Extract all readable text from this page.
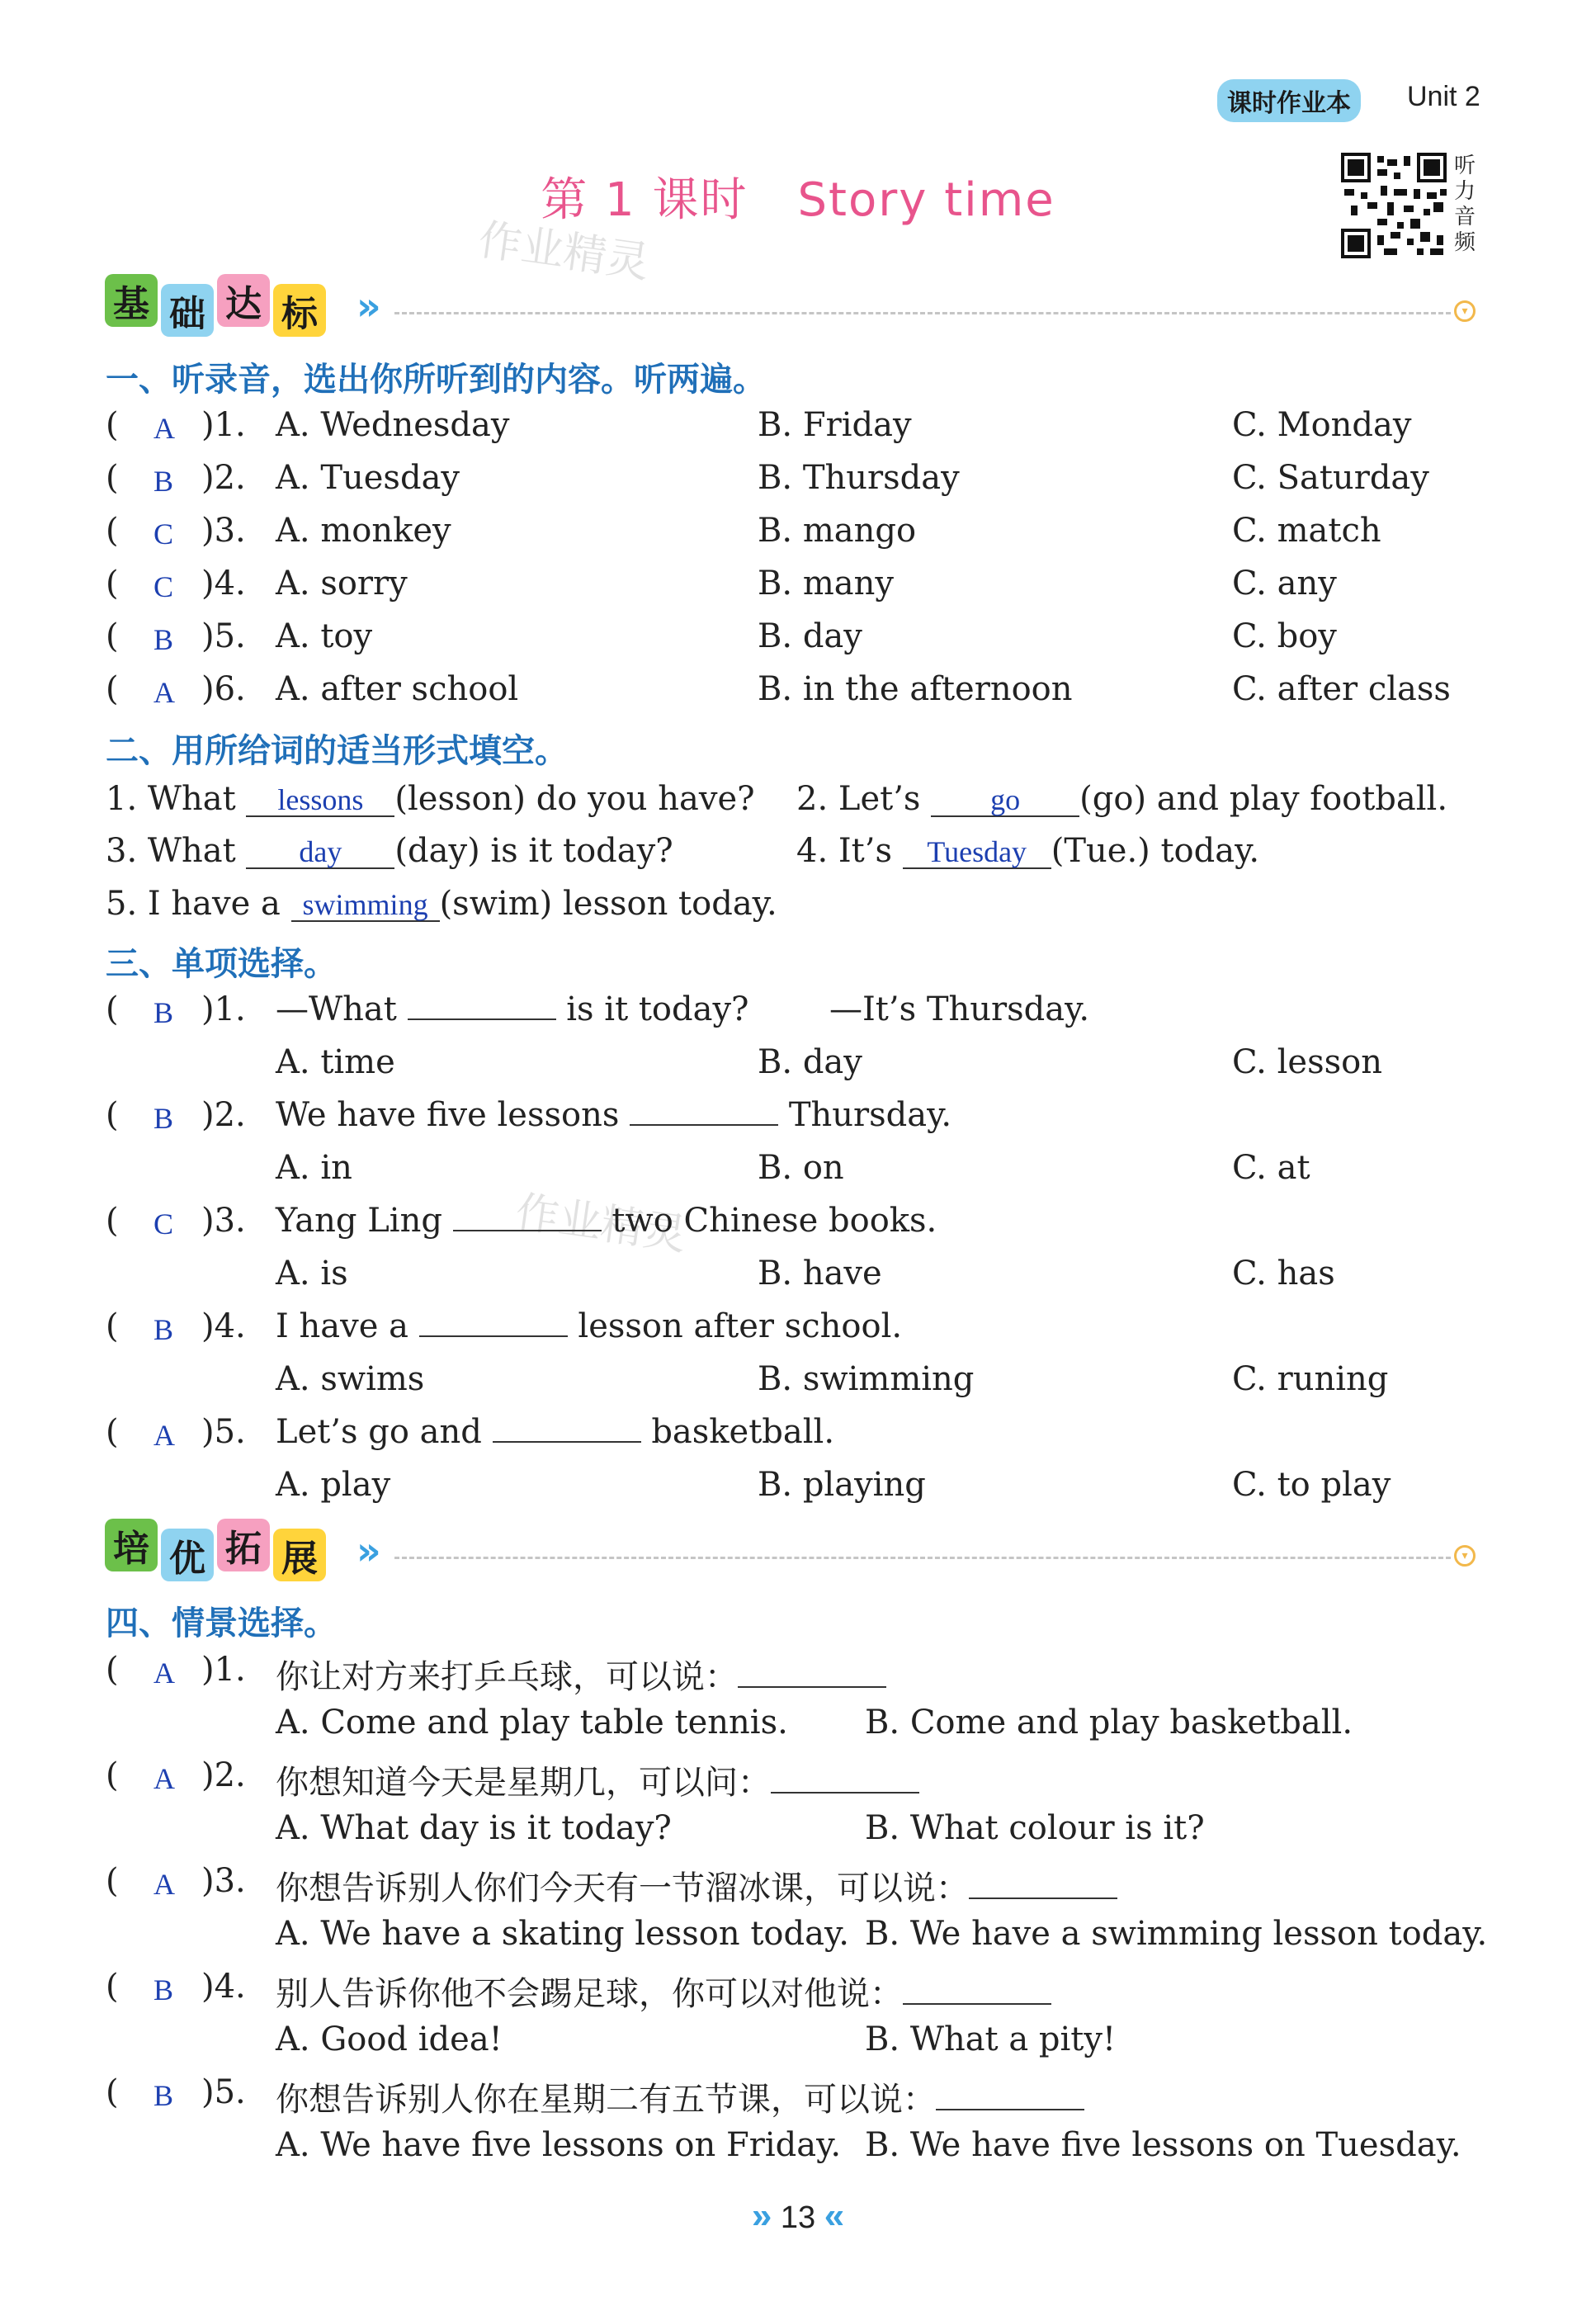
课时作业本	Unit 2
第 1 课时 Story time
作业精灵
作业精灵
听
力
音
频
基 础 达 标 »	▾
一、听录音，选出你所听到的内容。听两遍。
( A )1. A. Wednesday	B. Friday	C. Monday
( B )2. A. Tuesday	B. Thursday	C. Saturday
( C )3. A. monkey	B. mango	C. match
( C )4. A. sorry	B. many	C. any
( B )5. A. toy	B. day	C. boy
( A )6. A. after school	B. in the afternoon	C. after class
二、用所给词的适当形式填空。
1. What lessons (lesson) do you have? 2. Let’s go (go) and play football.
3. What day (day) is it today?	4. It’s Tuesday (Tue.) today.
5. I have a swimming (swim) lesson today.
三、单项选择。
( B )1. —What	is it today? —It’s Thursday.
A. time	B. day	C. lesson
( B )2. We have five lessons	Thursday.
A. in	B. on	C. at
( C )3. Yang Ling	two Chinese books.
A. is	B. have	C. has
( B )4. I have a	lesson after school.
A. swims	B. swimming	C. runing
( A )5. Let’s go and	basketball.
A. play	B. playing	C. to play
培 优 拓 展 »	▾
四、情景选择。
( A )1. 你让对方来打乒乓球，可以说：
A. Come and play table tennis. B. Come and play basketball.
( A )2. 你想知道今天是星期几，可以问：
A. What day is it today?	B. What colour is it?
( A )3. 你想告诉别人你们今天有一节溜冰课，可以说：
A. We have a skating lesson today. B. We have a swimming lesson today.
( B )4. 别人告诉你他不会踢足球，你可以对他说：
A. Good idea!	B. What a pity!
( B )5. 你想告诉别人你在星期二有五节课，可以说：
A. We have five lessons on Friday. B. We have five lessons on Tuesday.
» 13 «
